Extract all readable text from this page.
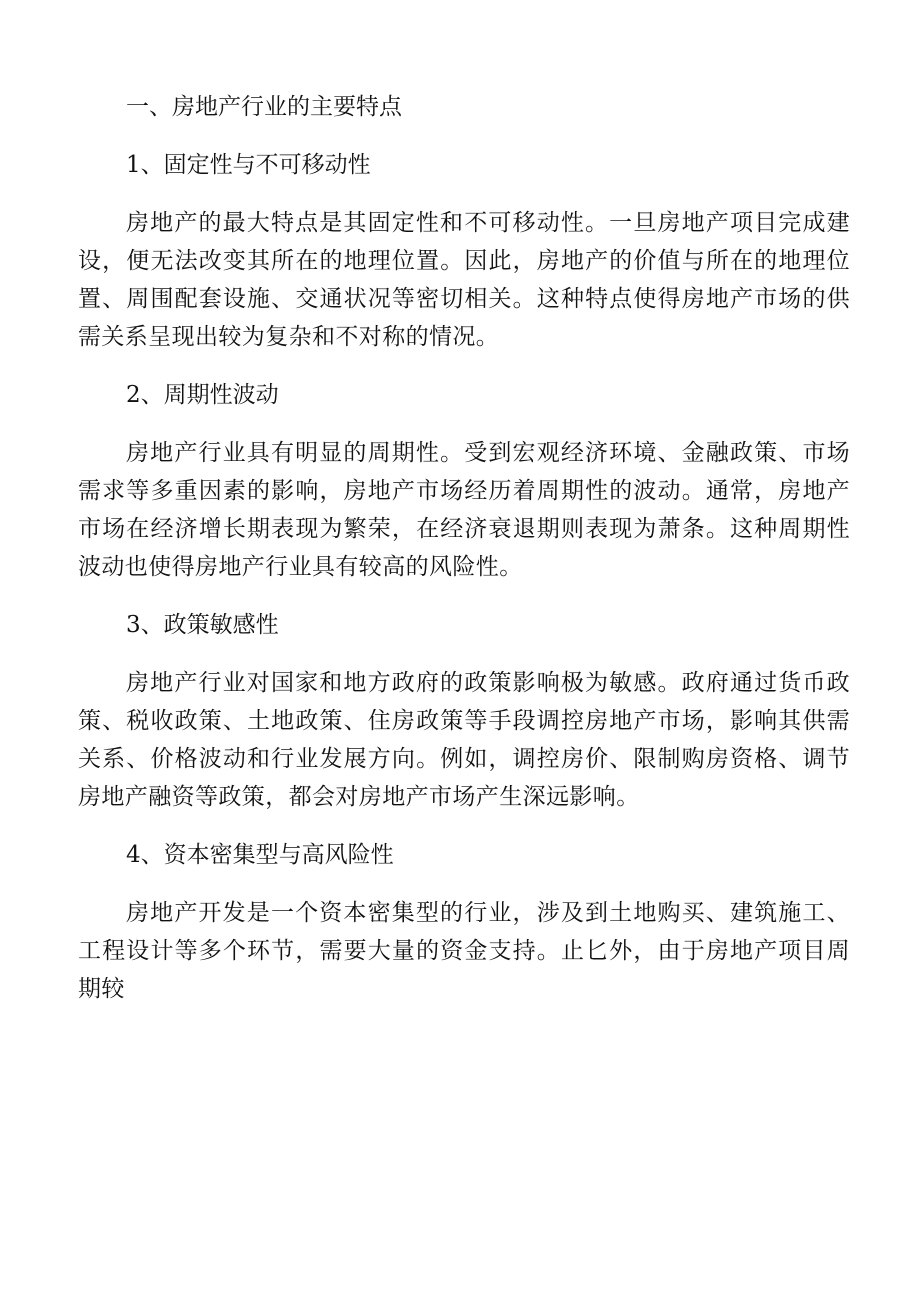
一、房地产行业的主要特点

1、固定性与不可移动性

房地产的最大特点是其固定性和不可移动性。一旦房地产项目完成建设，便无法改变其所在的地理位置。因此，房地产的价值与所在的地理位置、周围配套设施、交通状况等密切相关。这种特点使得房地产市场的供需关系呈现出较为复杂和不对称的情况。

2、周期性波动

房地产行业具有明显的周期性。受到宏观经济环境、金融政策、市场需求等多重因素的影响，房地产市场经历着周期性的波动。通常，房地产市场在经济增长期表现为繁荣，在经济衰退期则表现为萧条。这种周期性波动也使得房地产行业具有较高的风险性。

3、政策敏感性

房地产行业对国家和地方政府的政策影响极为敏感。政府通过货币政策、税收政策、土地政策、住房政策等手段调控房地产市场，影响其供需关系、价格波动和行业发展方向。例如，调控房价、限制购房资格、调节房地产融资等政策，都会对房地产市场产生深远影响。

4、资本密集型与高风险性

房地产开发是一个资本密集型的行业，涉及到土地购买、建筑施工、工程设计等多个环节，需要大量的资金支持。止匕外，由于房地产项目周期较
